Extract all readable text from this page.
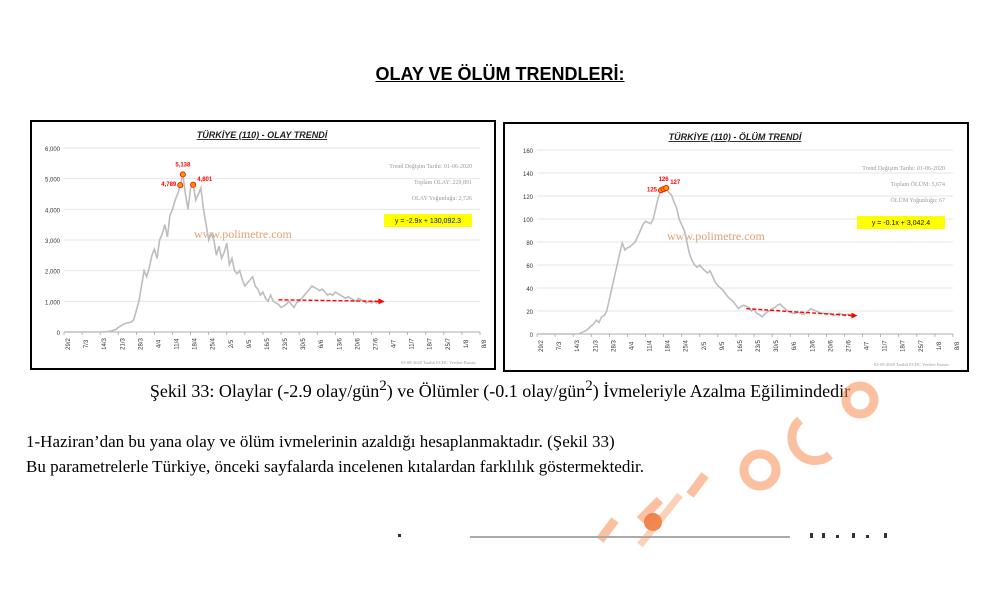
OLAY VE ÖLÜM TRENDLERİ:
0
1,000
2,000
3,000
4,000
5,000
6,000
29/2 7/3 14/3 21/3 28/3 4/4 11/4 18/4 25/4 2/5 9/5 16/5 23/5 30/5 6/6 13/6 20/6 27/6 4/7 11/7 18/7 25/7 1/8 8/8
TÜRKİYE (110) - OLAY TRENDİ
www.polimetre.com
Trend Değişim Tarihi: 01-06-2020
Toplam OLAY: 229,891
OLAY Yoğunluğu: 2,726
y = -2.9x + 130,092.3
4,789
5,138
4,801
03-08-2020 Tarihli ECDC Verileri Esastır
0
20
40
60
80
100
120
140
160
29/2 7/3 14/3 21/3 28/3 4/4 11/4 18/4 25/4 2/5 9/5 16/5 23/5 30/5 6/6 13/6 20/6 27/6 4/7 11/7 18/7 25/7 1/8 8/8
TÜRKİYE (110) - ÖLÜM TRENDİ
www.polimetre.com
Trend Değişim Tarihi: 01-06-2020
Toplam ÖLÜM: 5,674
ÖLÜM Yoğunluğu: 67
y = -0.1x + 3,042.4
125
126 127
03-08-2020 Tarihli ECDC Verileri Esastır
Şekil 33: Olaylar (-2.9 olay/gün$^2$) ve Ölümler (-0.1 olay/gün$^2$) İvmeleriyle Azalma Eğilimindedir
1-Haziran’dan bu yana olay ve ölüm ivmelerinin azaldığı hesaplanmaktadır. (Şekil 33)
Bu parametrelerle Türkiye, önceki sayfalarda incelenen kıtalardan farklılık göstermektedir.
